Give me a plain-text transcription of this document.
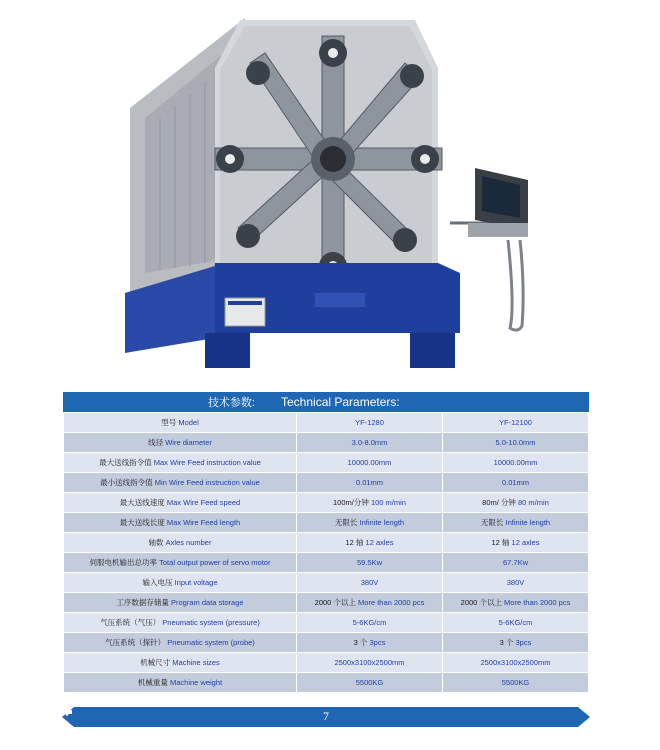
技术参数:	Technical Parameters:
型号 Model	YF-1280	YF-12100
线径 Wire diameter	3.0-8.0mm	5.0-10.0mm
最大送线指令值 Max Wire Feed instruction value	10000.00mm	10000.00mm
最小送线指令值 Min Wire Feed instruction value	0.01mm	0.01mm
最大送线速度 Max Wire Feed speed	100m/分钟 100 m/min	80m/ 分钟 80 m/min
最大送线长度 Max Wire Feed length	无限长 Infinite length	无限长 Infinite length
轴数 Axles number	12 轴 12 axles	12 轴 12 axles
伺服电机输出总功率 Total output power of servo motor	59.5Kw	67.7Kw
输入电压 Input voltage	380V	380V
工序数据存储量 Program data storage	2000 个以上 More than 2000 pcs	2000 个以上 More than 2000 pcs
气压系统（气压） Pneumatic system (pressure)	5-6KG/cm	5-6KG/cm
气压系统（探针） Pneumatic system (probe)	3 个 3pcs	3 个 3pcs
机械尺寸 Machine sizes	2500x3100x2500mm	2500x3100x2500mm
机械重量 Machine weight	5500KG	5500KG
7
